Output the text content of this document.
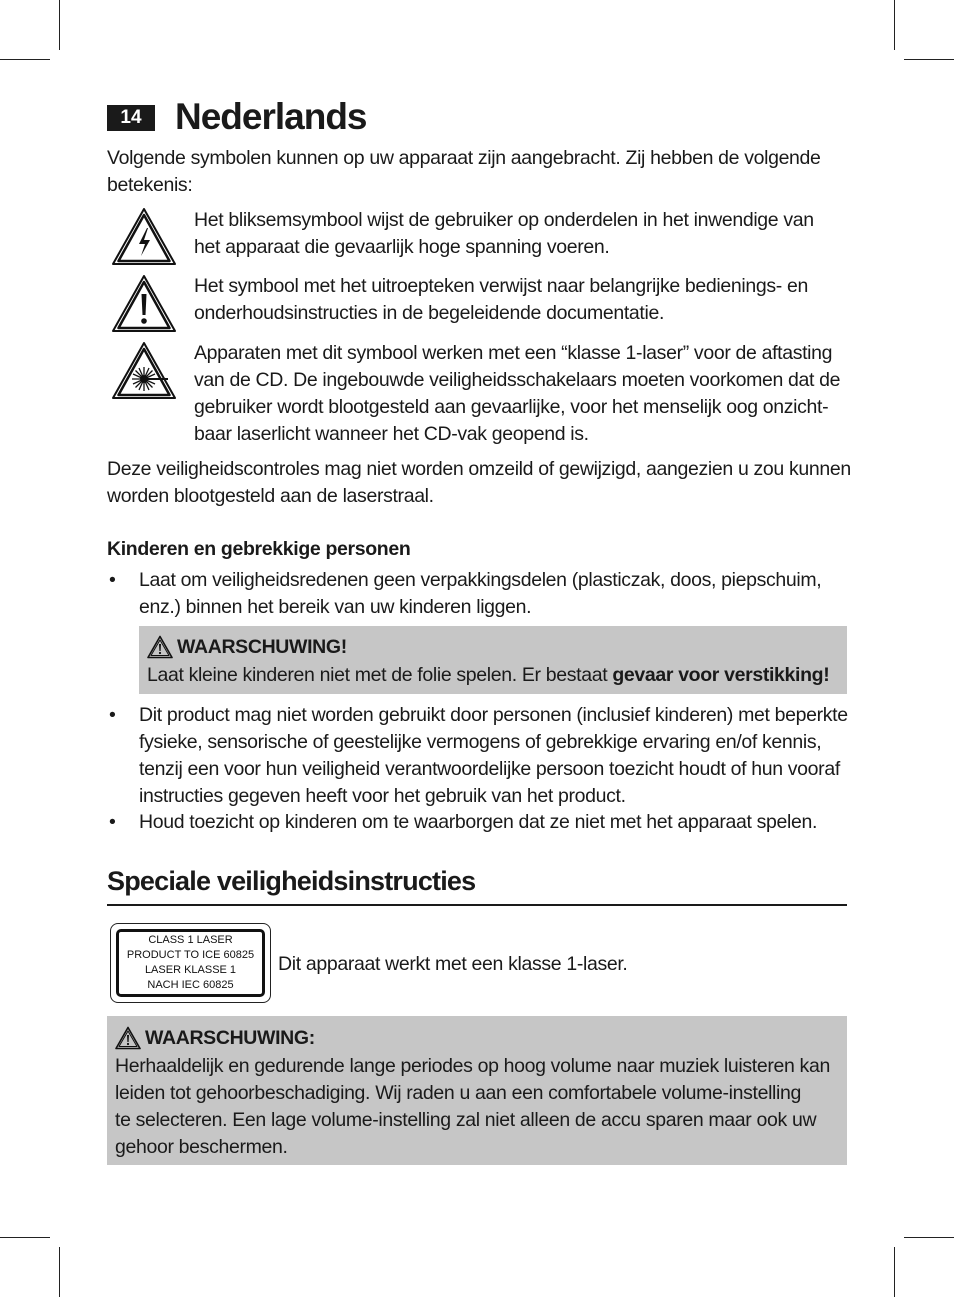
14 Nederlands
Volgende symbolen kunnen op uw apparaat zijn aangebracht. Zij hebben de volgende
betekenis:
Het bliksemsymbool wijst de gebruiker op onderdelen in het inwendige van
het apparaat die gevaarlijk hoge spanning voeren.
Het symbool met het uitroepteken verwijst naar belangrijke bedienings- en
onderhoudsinstructies in de begeleidende documentatie.
Apparaten met dit symbool werken met een “klasse 1-laser” voor de aftasting
van de CD. De ingebouwde veiligheidsschakelaars moeten voorkomen dat de
gebruiker wordt blootgesteld aan gevaarlijke, voor het menselijk oog onzicht-
baar laserlicht wanneer het CD-vak geopend is.
Deze veiligheidscontroles mag niet worden omzeild of gewijzigd, aangezien u zou kunnen
worden blootgesteld aan de laserstraal.
Kinderen en gebrekkige personen
• Laat om veiligheidsredenen geen verpakkingsdelen (plasticzak, doos, piepschuim,
enz.) binnen het bereik van uw kinderen liggen.
WAARSCHUWING!
Laat kleine kinderen niet met de folie spelen. Er bestaat gevaar voor verstikking!
• Dit product mag niet worden gebruikt door personen (inclusief kinderen) met beperkte
fysieke, sensorische of geestelijke vermogens of gebrekkige ervaring en/of kennis,
tenzij een voor hun veiligheid verantwoordelijke persoon toezicht houdt of hun vooraf
instructies gegeven heeft voor het gebruik van het product.
• Houd toezicht op kinderen om te waarborgen dat ze niet met het apparaat spelen.
Speciale veiligheidsinstructies
CLASS 1 LASER
PRODUCT TO ICE 60825
LASER KLASSE 1
NACH IEC 60825
Dit apparaat werkt met een klasse 1-laser.
WAARSCHUWING:
Herhaaldelijk en gedurende lange periodes op hoog volume naar muziek luisteren kan
leiden tot gehoorbeschadiging. Wij raden u aan een comfortabele volume-instelling
te selecteren. Een lage volume-instelling zal niet alleen de accu sparen maar ook uw
gehoor beschermen.
